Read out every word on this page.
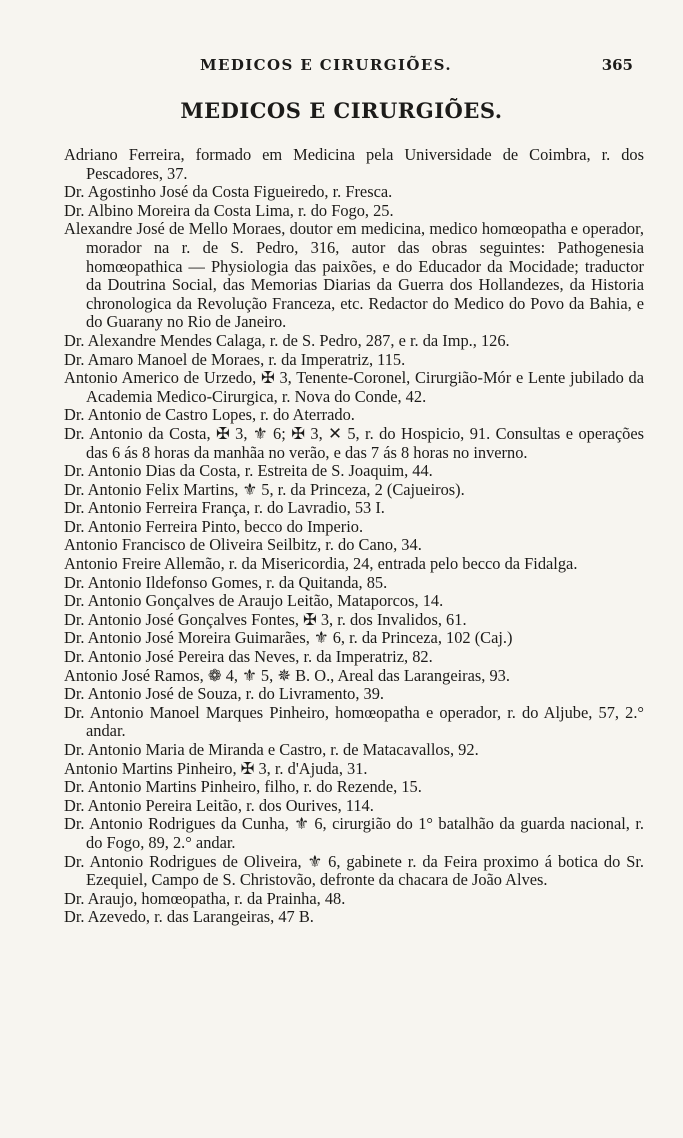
MEDICOS E CIRURGIÕES.	365
MEDICOS E CIRURGIÕES.

Adriano Ferreira, formado em Medicina pela Universidade de Coimbra, r. dos Pescadores, 37.

Dr. Agostinho José da Costa Figueiredo, r. Fresca.

Dr. Albino Moreira da Costa Lima, r. do Fogo, 25.

Alexandre José de Mello Moraes, doutor em medicina, medico homœopatha e operador, morador na r. de S. Pedro, 316, autor das obras seguintes: Pathogenesia homœopathica — Physiologia das paixões, e do Educador da Mocidade; traductor da Doutrina Social, das Memorias Diarias da Guerra dos Hollandezes, da Historia chronologica da Revolução Franceza, etc. Redactor do Medico do Povo da Bahia, e do Guarany no Rio de Janeiro.

Dr. Alexandre Mendes Calaga, r. de S. Pedro, 287, e r. da Imp., 126.

Dr. Amaro Manoel de Moraes, r. da Imperatriz, 115.

Antonio Americo de Urzedo, ✠ 3, Tenente-Coronel, Cirurgião-Mór e Lente jubilado da Academia Medico-Cirurgica, r. Nova do Conde, 42.

Dr. Antonio de Castro Lopes, r. do Aterrado.

Dr. Antonio da Costa, ✠ 3, ⚜ 6; ✠ 3, ✕ 5, r. do Hospicio, 91. Consultas e operações das 6 ás 8 horas da manhãa no verão, e das 7 ás 8 horas no inverno.

Dr. Antonio Dias da Costa, r. Estreita de S. Joaquim, 44.

Dr. Antonio Felix Martins, ⚜ 5, r. da Princeza, 2 (Cajueiros).

Dr. Antonio Ferreira França, r. do Lavradio, 53 I.

Dr. Antonio Ferreira Pinto, becco do Imperio.

Antonio Francisco de Oliveira Seilbitz, r. do Cano, 34.

Antonio Freire Allemão, r. da Misericordia, 24, entrada pelo becco da Fidalga.

Dr. Antonio Ildefonso Gomes, r. da Quitanda, 85.

Dr. Antonio Gonçalves de Araujo Leitão, Mataporcos, 14.

Dr. Antonio José Gonçalves Fontes, ✠ 3, r. dos Invalidos, 61.

Dr. Antonio José Moreira Guimarães, ⚜ 6, r. da Princeza, 102 (Caj.)

Dr. Antonio José Pereira das Neves, r. da Imperatriz, 82.

Antonio José Ramos, ❁ 4, ⚜ 5, ✵ B. O., Areal das Larangeiras, 93.

Dr. Antonio José de Souza, r. do Livramento, 39.

Dr. Antonio Manoel Marques Pinheiro, homœopatha e operador, r. do Aljube, 57, 2.° andar.

Dr. Antonio Maria de Miranda e Castro, r. de Matacavallos, 92.

Antonio Martins Pinheiro, ✠ 3, r. d'Ajuda, 31.

Dr. Antonio Martins Pinheiro, filho, r. do Rezende, 15.

Dr. Antonio Pereira Leitão, r. dos Ourives, 114.

Dr. Antonio Rodrigues da Cunha, ⚜ 6, cirurgião do 1° batalhão da guarda nacional, r. do Fogo, 89, 2.° andar.

Dr. Antonio Rodrigues de Oliveira, ⚜ 6, gabinete r. da Feira proximo á botica do Sr. Ezequiel, Campo de S. Christovão, defronte da chacara de João Alves.

Dr. Araujo, homœopatha, r. da Prainha, 48.

Dr. Azevedo, r. das Larangeiras, 47 B.
